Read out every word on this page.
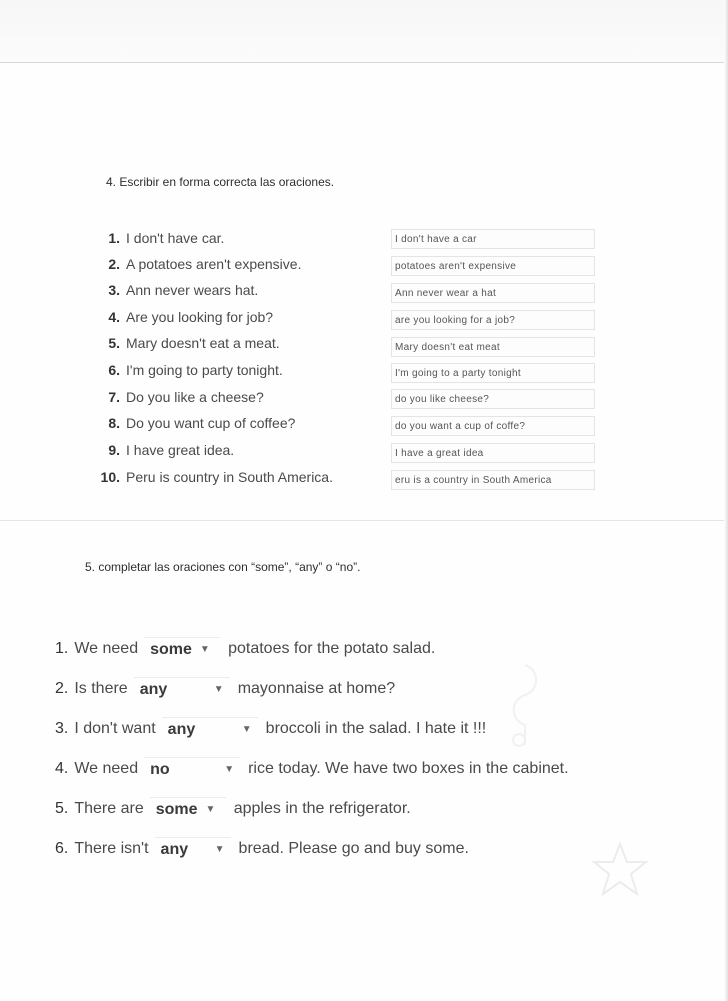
4. Escribir en forma correcta las oraciones.
1. I don't have car.	I don't have a car
2. A potatoes aren't expensive.	potatoes aren't expensive
3. Ann never wears hat.	Ann never wear a hat
4. Are you looking for job?	are you looking for a job?
5. Mary doesn't eat a meat.	Mary doesn't eat meat
6. I'm going to party tonight.	I'm going to a party tonight
7. Do you like a cheese?	do you like cheese?
8. Do you want cup of coffee?	do you want a cup of coffe?
9. I have great idea.	I have a great idea
10. Peru is country in South America.	eru is a country in South America
5. completar las oraciones con “some”, “any” o “no”.
1. We need some ▼ potatoes for the potato salad.
2. Is there any	▼ mayonnaise at home?
3. I don't want any	▼ broccoli in the salad. I hate it !!!
4. We need no	▼ rice today. We have two boxes in the cabinet.
5. There are some ▼ apples in the refrigerator.
6. There isn't any	▼ bread. Please go and buy some.
